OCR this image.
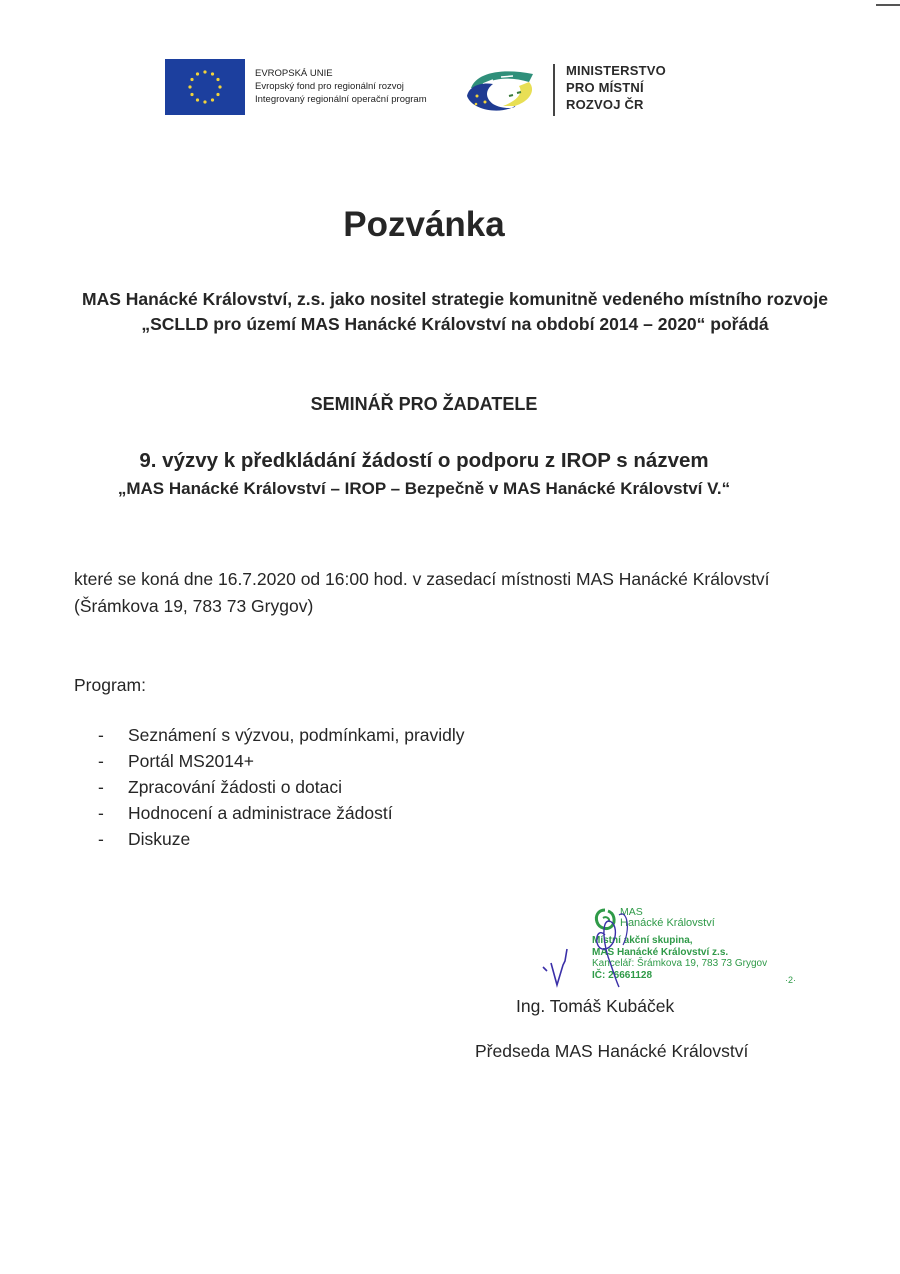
EVROPSKÁ UNIE
Evropský fond pro regionální rozvoj
Integrovaný regionální operační program
MINISTERSTVO
PRO MÍSTNÍ
ROZVOJ ČR
Pozvánka
MAS Hanácké Království, z.s. jako nositel strategie komunitně vedeného místního rozvoje „SCLLD pro území MAS Hanácké Království na období 2014 – 2020“ pořádá
SEMINÁŘ PRO ŽADATELE
9. výzvy k předkládání žádostí o podporu z IROP s názvem
„MAS Hanácké Království – IROP – Bezpečně v MAS Hanácké Království V.“
které se koná dne 16.7.2020 od 16:00 hod. v zasedací místnosti MAS Hanácké Království (Šrámkova 19, 783 73 Grygov)
Program:
- Seznámení s výzvou, podmínkami, pravidly
- Portál MS2014+
- Zpracování žádosti o dotaci
- Hodnocení a administrace žádostí
- Diskuze
MAS
Hanácké Království
Místní akční skupina,
MAS Hanácké Království z.s.
Kancelář: Šrámkova 19, 783 73 Grygov
IČ: 26661128	·2·
Ing. Tomáš Kubáček
Předseda MAS Hanácké Království
